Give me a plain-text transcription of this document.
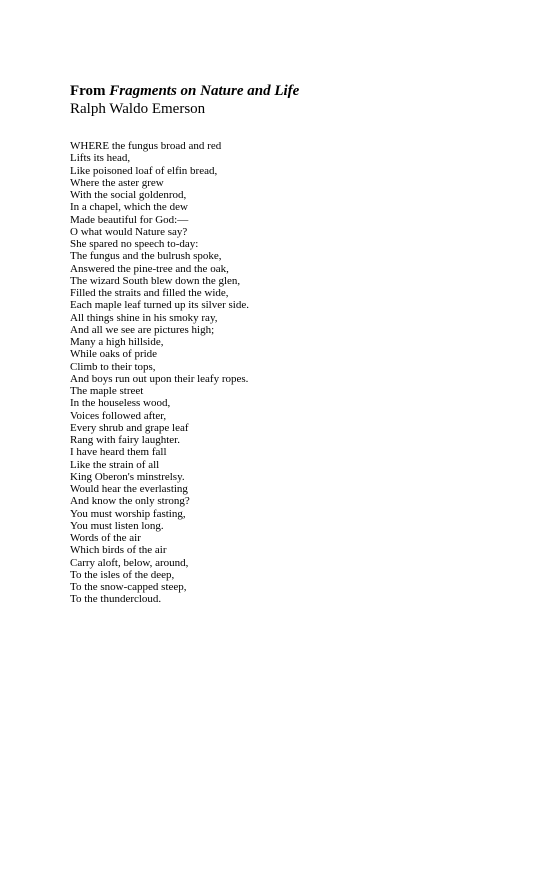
From Fragments on Nature and Life

Ralph Waldo Emerson

WHERE the fungus broad and red
Lifts its head,
Like poisoned loaf of elfin bread,
Where the aster grew
With the social goldenrod,
In a chapel, which the dew
Made beautiful for God:—
O what would Nature say?
She spared no speech to-day:
The fungus and the bulrush spoke,
Answered the pine-tree and the oak,
The wizard South blew down the glen,
Filled the straits and filled the wide,
Each maple leaf turned up its silver side.
All things shine in his smoky ray,
And all we see are pictures high;
Many a high hillside,
While oaks of pride
Climb to their tops,
And boys run out upon their leafy ropes.
The maple street
In the houseless wood,
Voices followed after,
Every shrub and grape leaf
Rang with fairy laughter.
I have heard them fall
Like the strain of all
King Oberon's minstrelsy.
Would hear the everlasting
And know the only strong?
You must worship fasting,
You must listen long.
Words of the air
Which birds of the air
Carry aloft, below, around,
To the isles of the deep,
To the snow-capped steep,
To the thundercloud.
